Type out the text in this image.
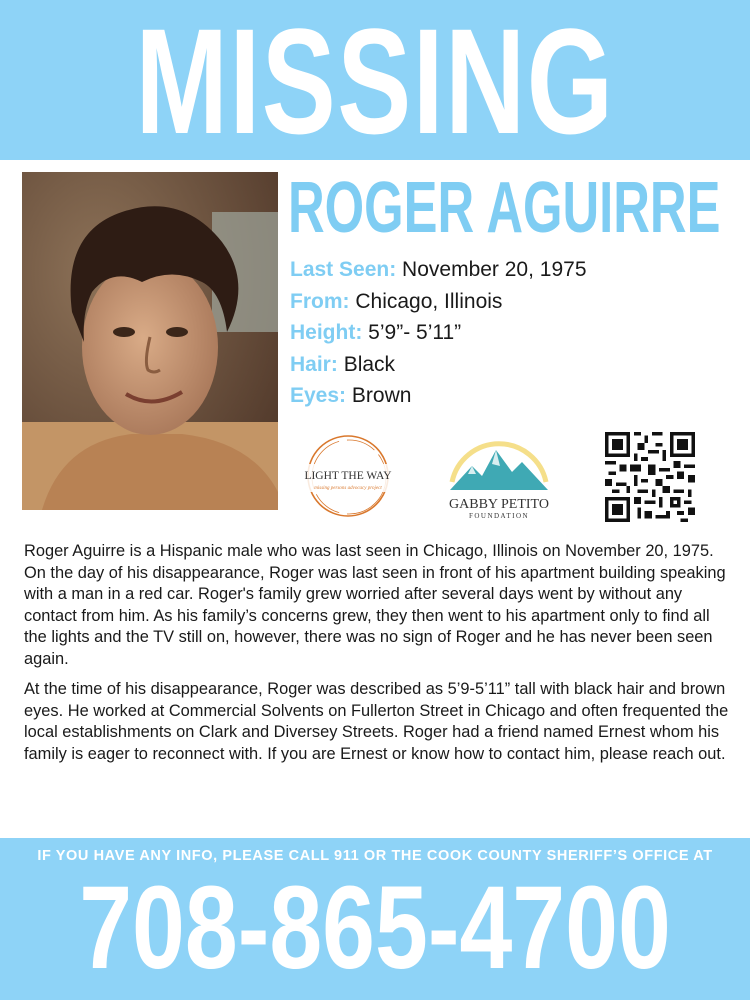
MISSING
ROGER AGUIRRE
Last Seen: November 20, 1975
From: Chicago, Illinois
Height: 5’9”- 5’11”
Hair: Black
Eyes: Brown
LIGHT THE WAY
missing persons advocacy project
GABBY PETITO
FOUNDATION

Roger Aguirre is a Hispanic male who was last seen in Chicago, Illinois on November 20, 1975. On the day of his disappearance, Roger was last seen in front of his apartment building speaking with a man in a red car. Roger's family grew worried after several days went by without any contact from him. As his family’s concerns grew, they then went to his apartment only to find all the lights and the TV still on, however, there was no sign of Roger and he has never been seen again.

At the time of his disappearance, Roger was described as 5’9-5’11” tall with black hair and brown eyes. He worked at Commercial Solvents on Fullerton Street in Chicago and often frequented the local establishments on Clark and Diversey Streets. Roger had a friend named Ernest whom his family is eager to reconnect with. If you are Ernest or know how to contact him, please reach out.

IF YOU HAVE ANY INFO, PLEASE CALL 911 OR THE COOK COUNTY SHERIFF’S OFFICE AT
708-865-4700
